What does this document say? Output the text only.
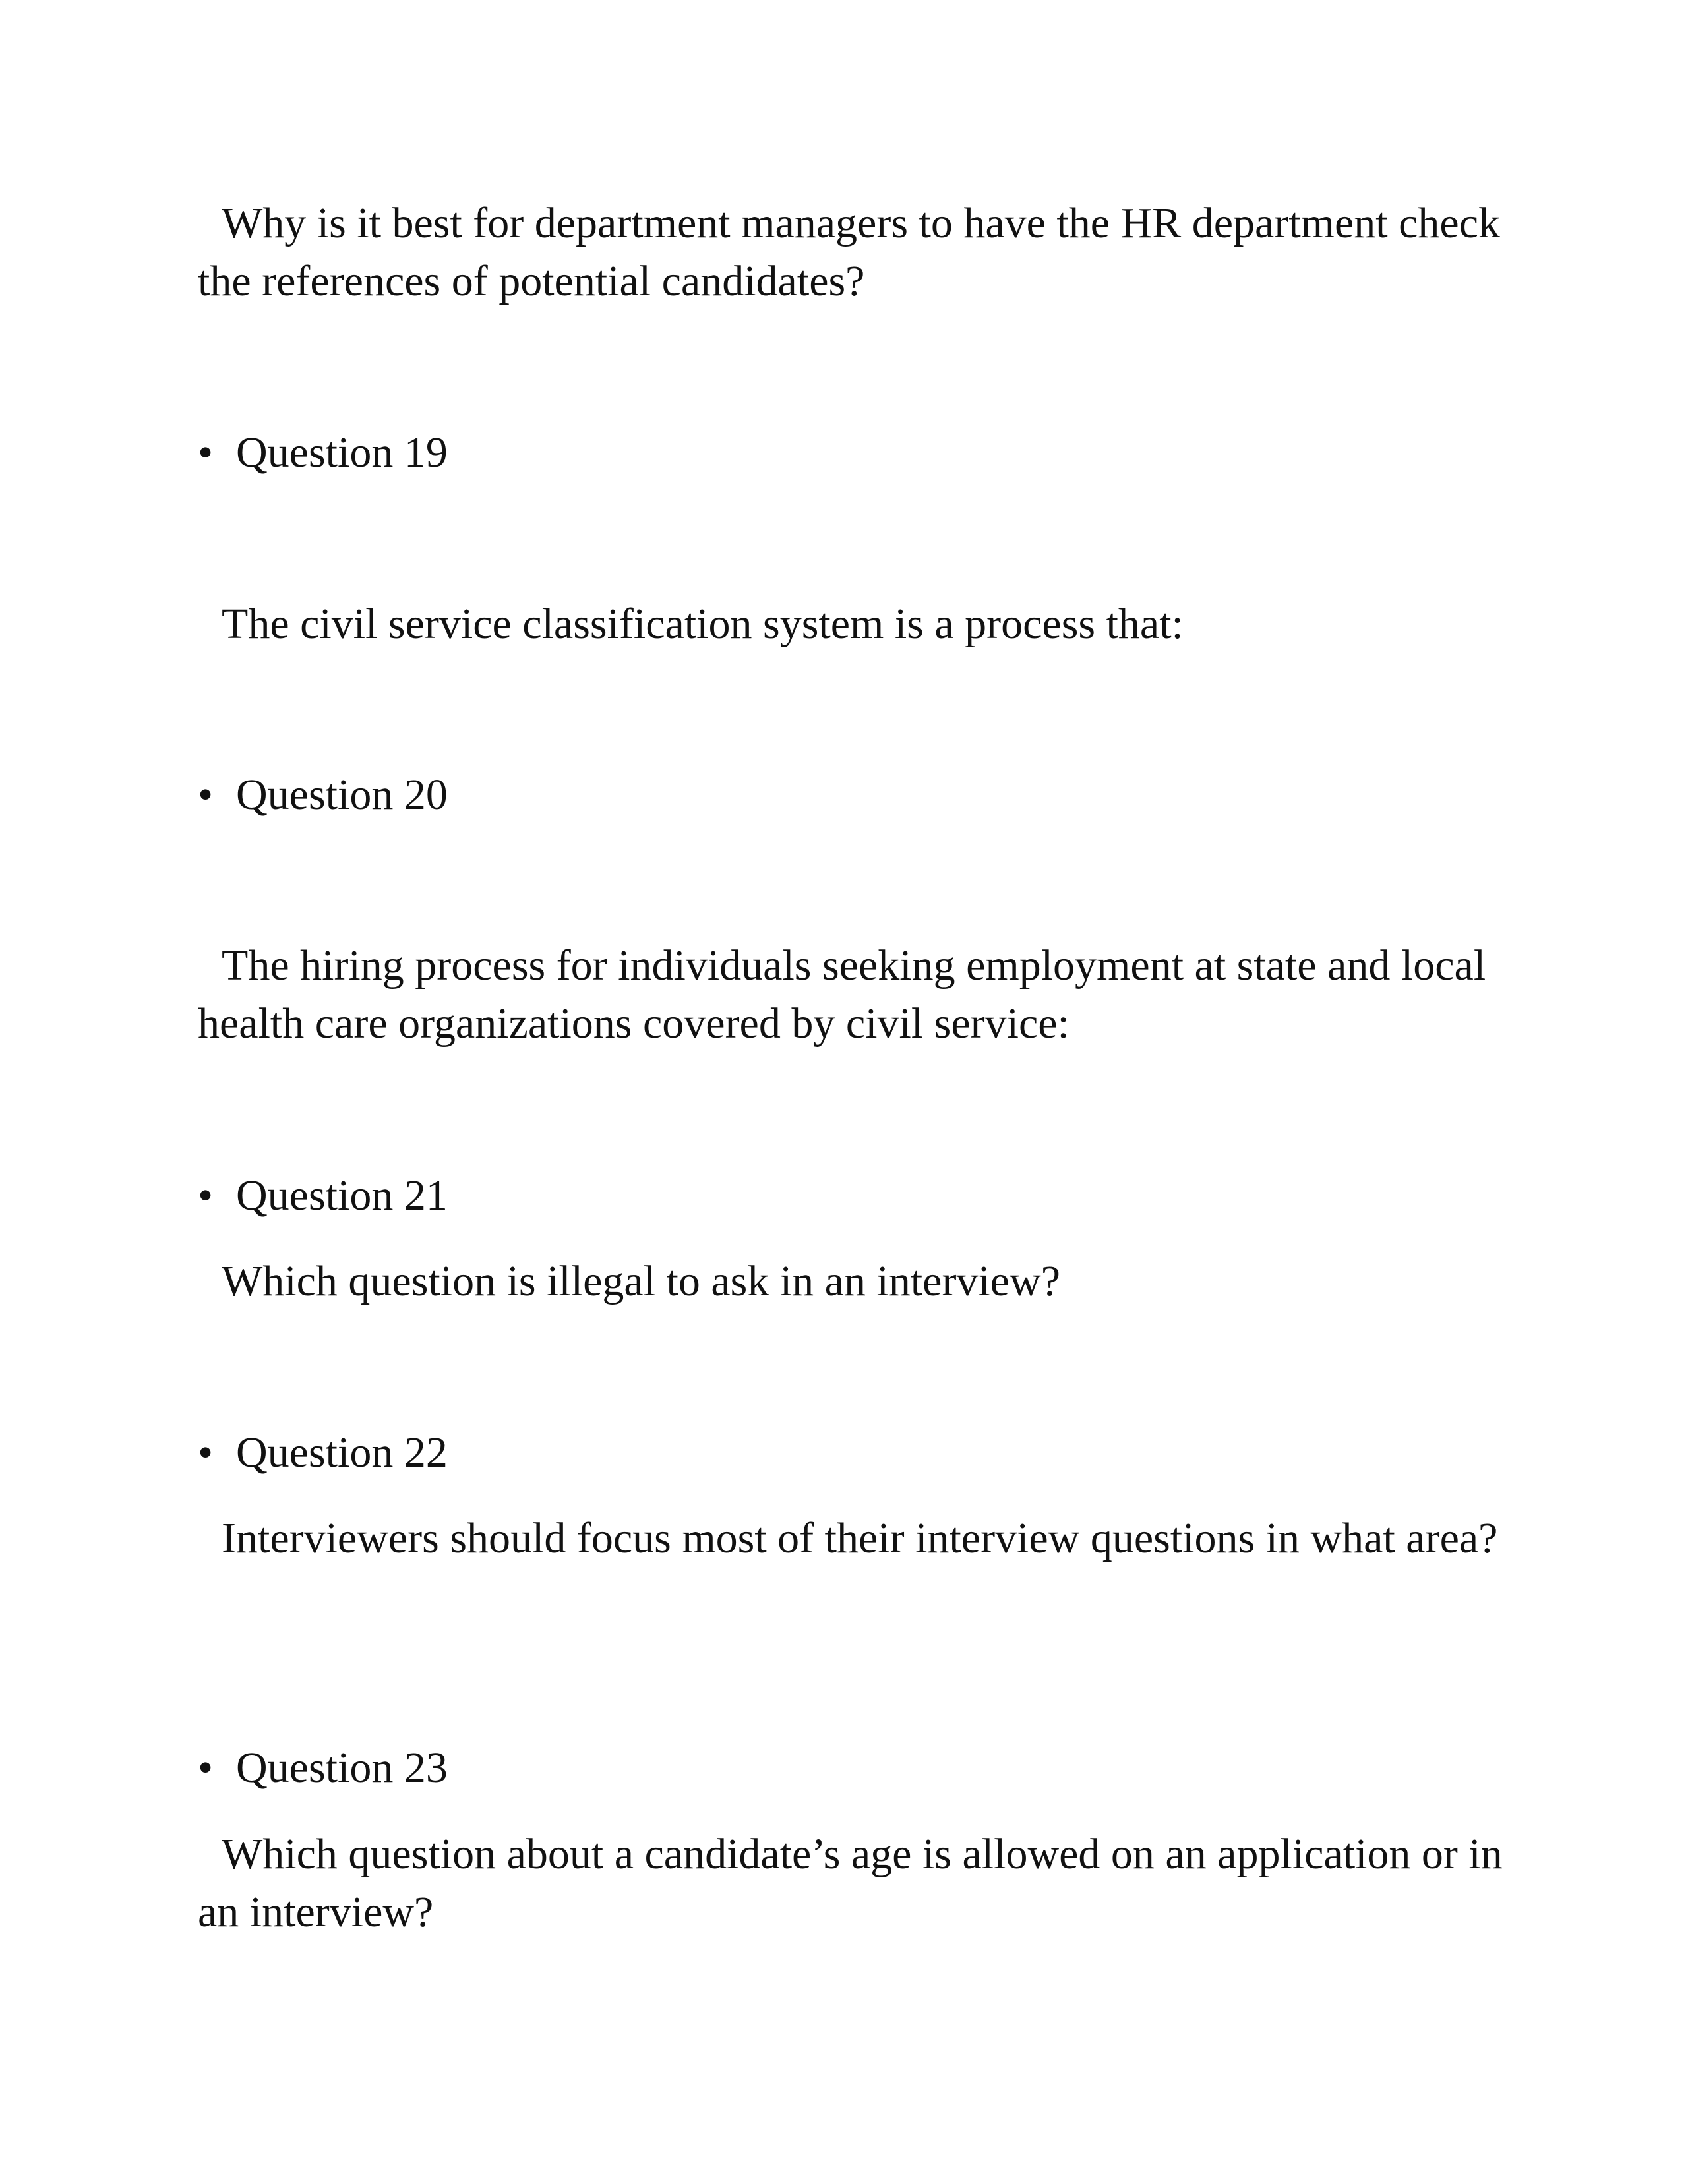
Why is it best for department managers to have the HR department check the references of potential candidates?

• Question 19

The civil service classification system is a process that:

• Question 20

The hiring process for individuals seeking employment at state and local health care organizations covered by civil service:

• Question 21

Which question is illegal to ask in an interview?

• Question 22

Interviewers should focus most of their interview questions in what area?

• Question 23

Which question about a candidate’s age is allowed on an application or in an interview?
